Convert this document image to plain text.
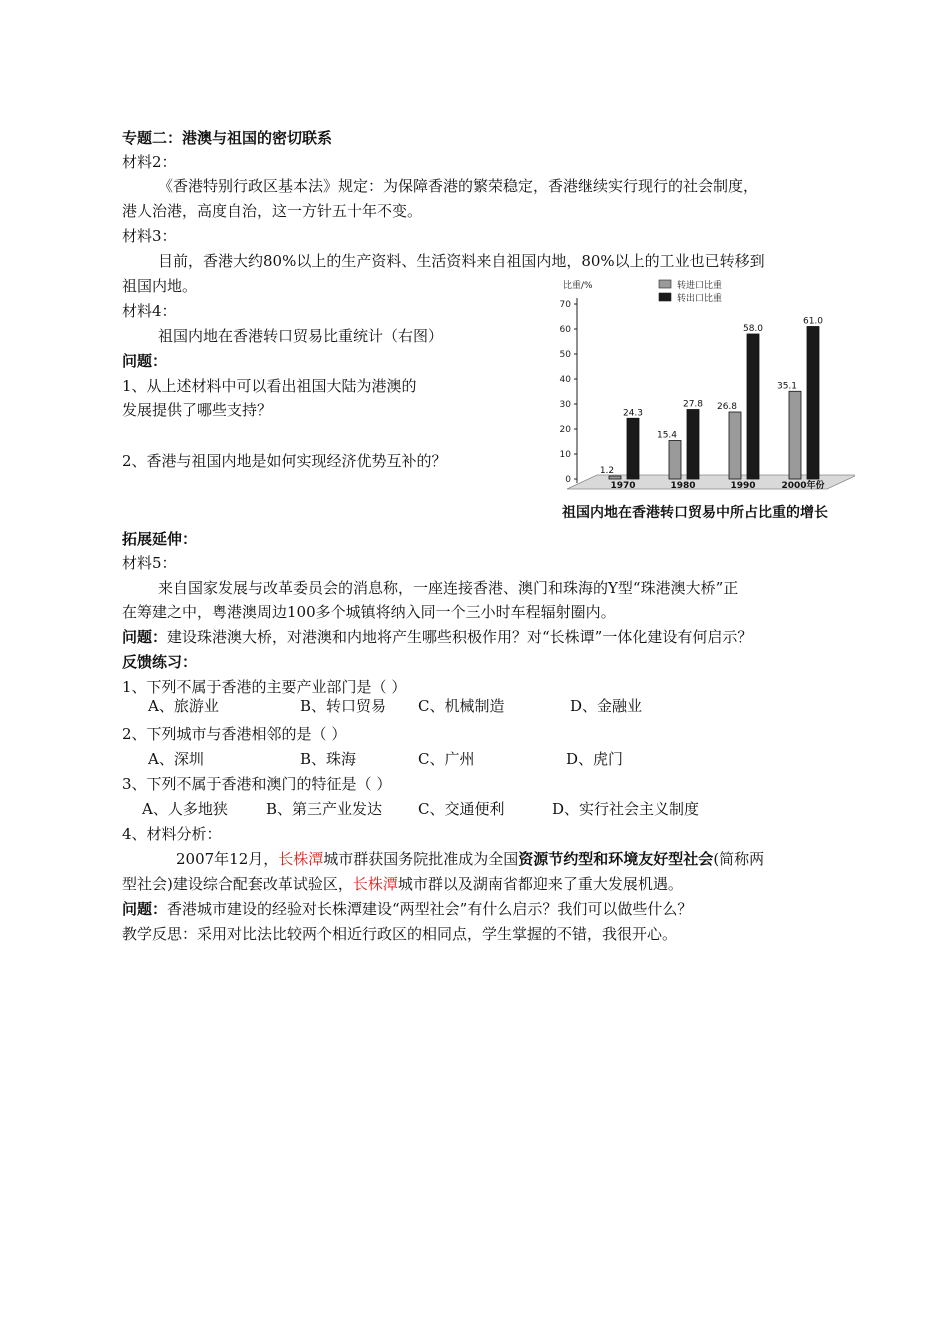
专题二：港澳与祖国的密切联系
材料2：
《香港特别行政区基本法》规定：为保障香港的繁荣稳定，香港继续实行现行的社会制度，
港人治港，高度自治，这一方针五十年不变。
材料3：
目前，香港大约80%以上的生产资料、生活资料来自祖国内地，80%以上的工业也已转移到
祖国内地。
材料4：
祖国内地在香港转口贸易比重统计（右图）
问题：
1、从上述材料中可以看出祖国大陆为港澳的
发展提供了哪些支持？
2、香港与祖国内地是如何实现经济优势互补的？
0
10
20
30
40
50
60
70
比重/%	转进口比重
转出口比重
1.2
24.3
1970
15.4
27.8
1980
26.8
58.0
1990
35.1
61.0
2000年份
祖国内地在香港转口贸易中所占比重的增长
拓展延伸：
材料5：
来自国家发展与改革委员会的消息称，一座连接香港、澳门和珠海的Y型“珠港澳大桥”正
在筹建之中，粤港澳周边100多个城镇将纳入同一个三小时车程辐射圈内。
问题：建设珠港澳大桥，对港澳和内地将产生哪些积极作用？对“长株谭”一体化建设有何启示？
反馈练习：
1、下列不属于香港的主要产业部门是（ ）
A、旅游业	B、转口贸易 C、机械制造	D、金融业
2、下列城市与香港相邻的是（ ）
A、深圳	B、珠海	C、广州	D、虎门
3、下列不属于香港和澳门的特征是（ ）
A、人多地狭	B、第三产业发达 C、交通便利	D、实行社会主义制度
4、材料分析：
2007年12月，长株潭城市群获国务院批准成为全国资源节约型和环境友好型社会(简称两
型社会)建设综合配套改革试验区，长株潭城市群以及湖南省都迎来了重大发展机遇。
问题：香港城市建设的经验对长株潭建设“两型社会”有什么启示？我们可以做些什么？
教学反思：采用对比法比较两个相近行政区的相同点，学生掌握的不错，我很开心。
